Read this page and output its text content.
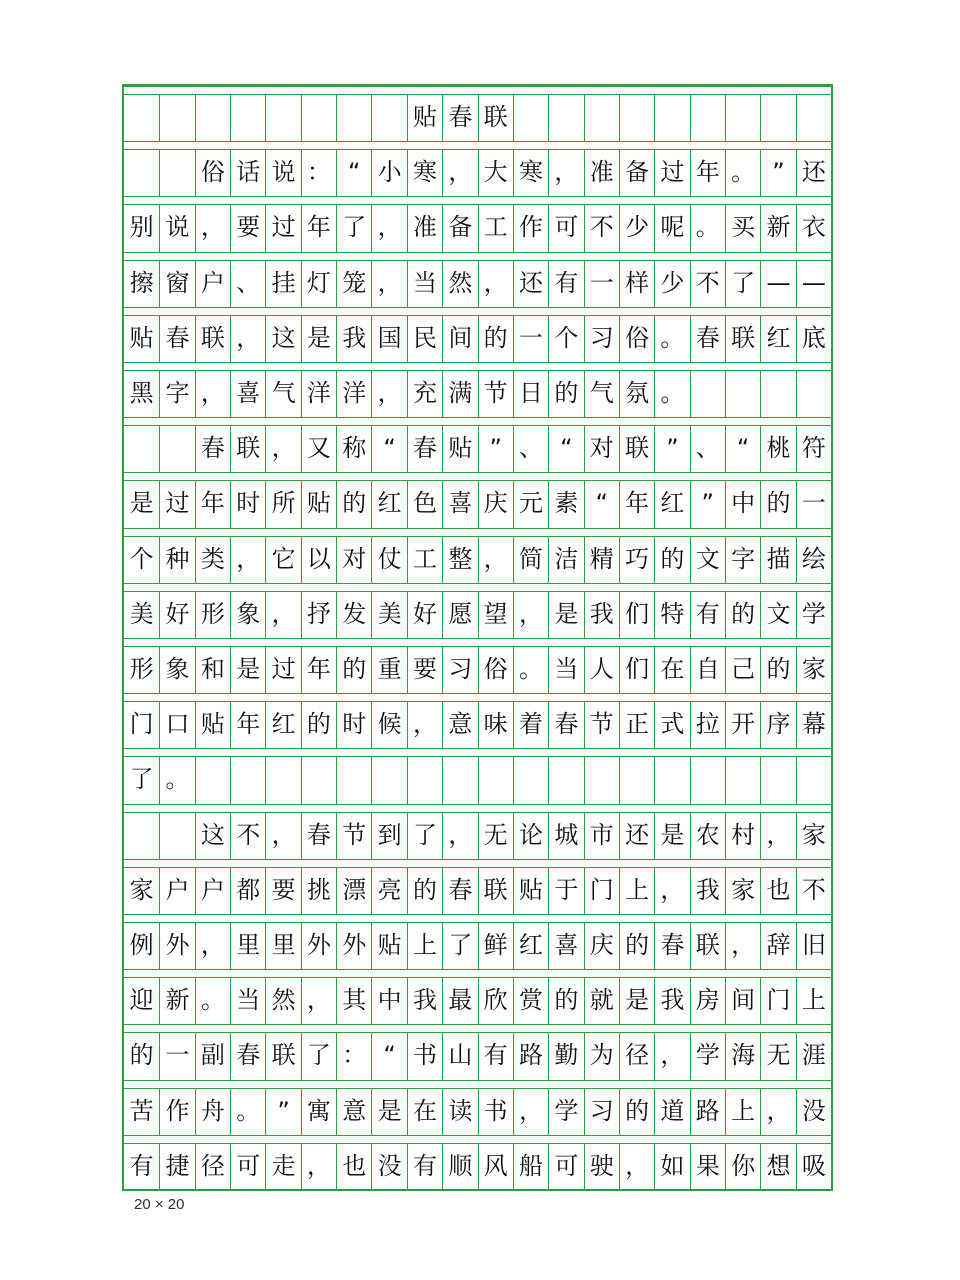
贴 春 联
俗 话 说 ： “ 小 寒 ， 大 寒 ， 准 备 过 年 。 ” 还
别 说 ， 要 过 年 了 ， 准 备 工 作 可 不 少 呢 。 买 新 衣
擦 窗 户 、 挂 灯 笼 ， 当 然 ， 还 有 一 样 少 不 了 — —
贴 春 联 ， 这 是 我 国 民 间 的 一 个 习 俗 。 春 联 红 底
黑 字 ， 喜 气 洋 洋 ， 充 满 节 日 的 气 氛 。
春 联 ， 又 称 “ 春 贴 ” 、 “ 对 联 ” 、 “ 桃 符
是 过 年 时 所 贴 的 红 色 喜 庆 元 素 “ 年 红 ” 中 的 一
个 种 类 ， 它 以 对 仗 工 整 ， 简 洁 精 巧 的 文 字 描 绘
美 好 形 象 ， 抒 发 美 好 愿 望 ， 是 我 们 特 有 的 文 学
形 象 和 是 过 年 的 重 要 习 俗 。 当 人 们 在 自 己 的 家
门 口 贴 年 红 的 时 候 ， 意 味 着 春 节 正 式 拉 开 序 幕
了 。
这 不 ， 春 节 到 了 ， 无 论 城 市 还 是 农 村 ， 家
家 户 户 都 要 挑 漂 亮 的 春 联 贴 于 门 上 ， 我 家 也 不
例 外 ， 里 里 外 外 贴 上 了 鲜 红 喜 庆 的 春 联 ， 辞 旧
迎 新 。 当 然 ， 其 中 我 最 欣 赏 的 就 是 我 房 间 门 上
的 一 副 春 联 了 ： “ 书 山 有 路 勤 为 径 ， 学 海 无 涯
苦 作 舟 。 ” 寓 意 是 在 读 书 ， 学 习 的 道 路 上 ， 没
有 捷 径 可 走 ， 也 没 有 顺 风 船 可 驶 ， 如 果 你 想 吸
20 × 20
